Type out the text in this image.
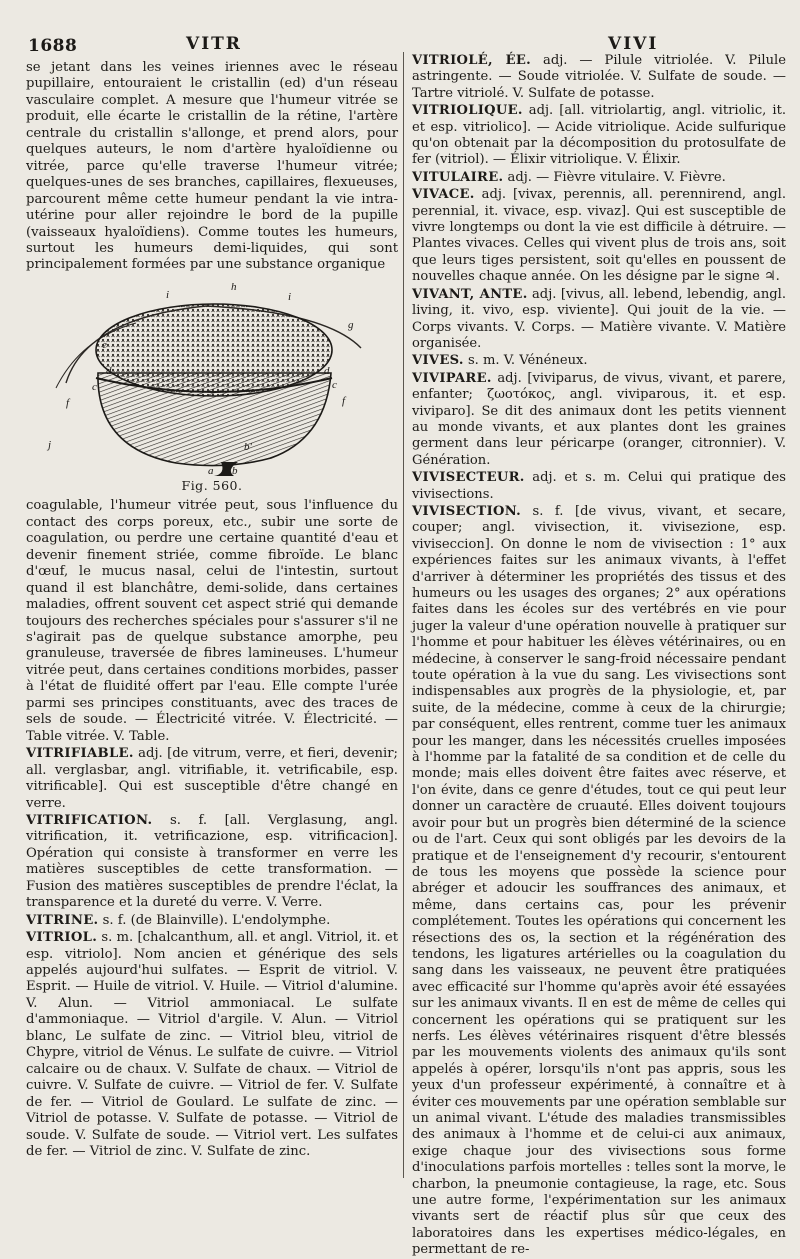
1688	VITR	VIVI

se jetant dans les veines iriennes avec le réseau pupillaire, entouraient le cristallin (ed) d'un réseau vasculaire complet. A mesure que l'humeur vitrée se produit, elle écarte le cristallin de la rétine, l'artère centrale du cristallin s'allonge, et prend alors, pour quelques auteurs, le nom d'artère hyaloïdienne ou vitrée, parce qu'elle traverse l'humeur vitrée; quelques-unes de ses branches, capillaires, flexueuses, parcourent même cette humeur pendant la vie intra-utérine pour aller rejoindre le bord de la pupille (vaisseaux hyaloïdiens). Comme toutes les humeurs, surtout les humeurs demi-liquides, qui sont principalement formées par une substance organique

i
h
i
g
e
d
c
f
a b
b'
d
c
f
j
Fig. 560.

coagulable, l'humeur vitrée peut, sous l'influence du contact des corps poreux, etc., subir une sorte de coagulation, ou perdre une certaine quantité d'eau et devenir finement striée, comme fibroïde. Le blanc d'œuf, le mucus nasal, celui de l'intestin, surtout quand il est blanchâtre, demi-solide, dans certaines maladies, offrent souvent cet aspect strié qui demande toujours des recherches spéciales pour s'assurer s'il ne s'agirait pas de quelque substance amorphe, peu granuleuse, traversée de fibres lamineuses. L'humeur vitrée peut, dans certaines conditions morbides, passer à l'état de fluidité offert par l'eau. Elle compte l'urée parmi ses principes constituants, avec des traces de sels de soude. — Électricité vitrée. V. Électricité. — Table vitrée. V. Table.

VITRIFIABLE. adj. [de vitrum, verre, et fieri, devenir; all. verglasbar, angl. vitrifiable, it. vetrificabile, esp. vitrificable]. Qui est susceptible d'être changé en verre.

VITRIFICATION. s. f. [all. Verglasung, angl. vitrification, it. vetrificazione, esp. vitrificacion]. Opération qui consiste à transformer en verre les matières susceptibles de cette transformation. — Fusion des matières susceptibles de prendre l'éclat, la transparence et la dureté du verre. V. Verre.

VITRINE. s. f. (de Blainville). L'endolymphe.

VITRIOL. s. m. [chalcanthum, all. et angl. Vitriol, it. et esp. vitriolo]. Nom ancien et générique des sels appelés aujourd'hui sulfates. — Esprit de vitriol. V. Esprit. — Huile de vitriol. V. Huile. — Vitriol d'alumine. V. Alun. — Vitriol ammoniacal. Le sulfate d'ammoniaque. — Vitriol d'argile. V. Alun. — Vitriol blanc, Le sulfate de zinc. — Vitriol bleu, vitriol de Chypre, vitriol de Vénus. Le sulfate de cuivre. — Vitriol calcaire ou de chaux. V. Sulfate de chaux. — Vitriol de cuivre. V. Sulfate de cuivre. — Vitriol de fer. V. Sulfate de fer. — Vitriol de Goulard. Le sulfate de zinc. — Vitriol de potasse. V. Sulfate de potasse. — Vitriol de soude. V. Sulfate de soude. — Vitriol vert. Les sulfates de fer. — Vitriol de zinc. V. Sulfate de zinc.

VITRIOLÉ, ÉE. adj. — Pilule vitriolée. V. Pilule astringente. — Soude vitriolée. V. Sulfate de soude. — Tartre vitriolé. V. Sulfate de potasse.

VITRIOLIQUE. adj. [all. vitriolartig, angl. vitriolic, it. et esp. vitriolico]. — Acide vitriolique. Acide sulfurique qu'on obtenait par la décomposition du protosulfate de fer (vitriol). — Élixir vitriolique. V. Élixir.

VITULAIRE. adj. — Fièvre vitulaire. V. Fièvre.

VIVACE. adj. [vivax, perennis, all. perennirend, angl. perennial, it. vivace, esp. vivaz]. Qui est susceptible de vivre longtemps ou dont la vie est difficile à détruire. — Plantes vivaces. Celles qui vivent plus de trois ans, soit que leurs tiges persistent, soit qu'elles en poussent de nouvelles chaque année. On les désigne par le signe ♃.

VIVANT, ANTE. adj. [vivus, all. lebend, lebendig, angl. living, it. vivo, esp. viviente]. Qui jouit de la vie. — Corps vivants. V. Corps. — Matière vivante. V. Matière organisée.

VIVES. s. m. V. Vénéneux.

VIVIPARE. adj. [viviparus, de vivus, vivant, et parere, enfanter; ζωοτόκος, angl. viviparous, it. et esp. viviparo]. Se dit des animaux dont les petits viennent au monde vivants, et aux plantes dont les graines germent dans leur péricarpe (oranger, citronnier). V. Génération.

VIVISECTEUR. adj. et s. m. Celui qui pratique des vivisections.

VIVISECTION. s. f. [de vivus, vivant, et secare, couper; angl. vivisection, it. vivisezione, esp. viviseccion]. On donne le nom de vivisection : 1° aux expériences faites sur les animaux vivants, à l'effet d'arriver à déterminer les propriétés des tissus et des humeurs ou les usages des organes; 2° aux opérations faites dans les écoles sur des vertébrés en vie pour juger la valeur d'une opération nouvelle à pratiquer sur l'homme et pour habituer les élèves vétérinaires, ou en médecine, à conserver le sang-froid nécessaire pendant toute opération à la vue du sang. Les vivisections sont indispensables aux progrès de la physiologie, et, par suite, de la médecine, comme à ceux de la chirurgie; par conséquent, elles rentrent, comme tuer les animaux pour les manger, dans les nécessités cruelles imposées à l'homme par la fatalité de sa condition et de celle du monde; mais elles doivent être faites avec réserve, et l'on évite, dans ce genre d'études, tout ce qui peut leur donner un caractère de cruauté. Elles doivent toujours avoir pour but un progrès bien déterminé de la science ou de l'art. Ceux qui sont obligés par les devoirs de la pratique et de l'enseignement d'y recourir, s'entourent de tous les moyens que possède la science pour abréger et adoucir les souffrances des animaux, et même, dans certains cas, pour les prévenir complétement. Toutes les opérations qui concernent les résections des os, la section et la régénération des tendons, les ligatures artérielles ou la coagulation du sang dans les vaisseaux, ne peuvent être pratiquées avec efficacité sur l'homme qu'après avoir été essayées sur les animaux vivants. Il en est de même de celles qui concernent les opérations qui se pratiquent sur les nerfs. Les élèves vétérinaires risquent d'être blessés par les mouvements violents des animaux qu'ils sont appelés à opérer, lorsqu'ils n'ont pas appris, sous les yeux d'un professeur expérimenté, à connaître et à éviter ces mouvements par une opération semblable sur un animal vivant. L'étude des maladies transmissibles des animaux à l'homme et de celui-ci aux animaux, exige chaque jour des vivisections sous forme d'inoculations parfois mortelles : telles sont la morve, le charbon, la pneumonie contagieuse, la rage, etc. Sous une autre forme, l'expérimentation sur les animaux vivants sert de réactif plus sûr que ceux des laboratoires dans les expertises médico-légales, en permettant de re-
